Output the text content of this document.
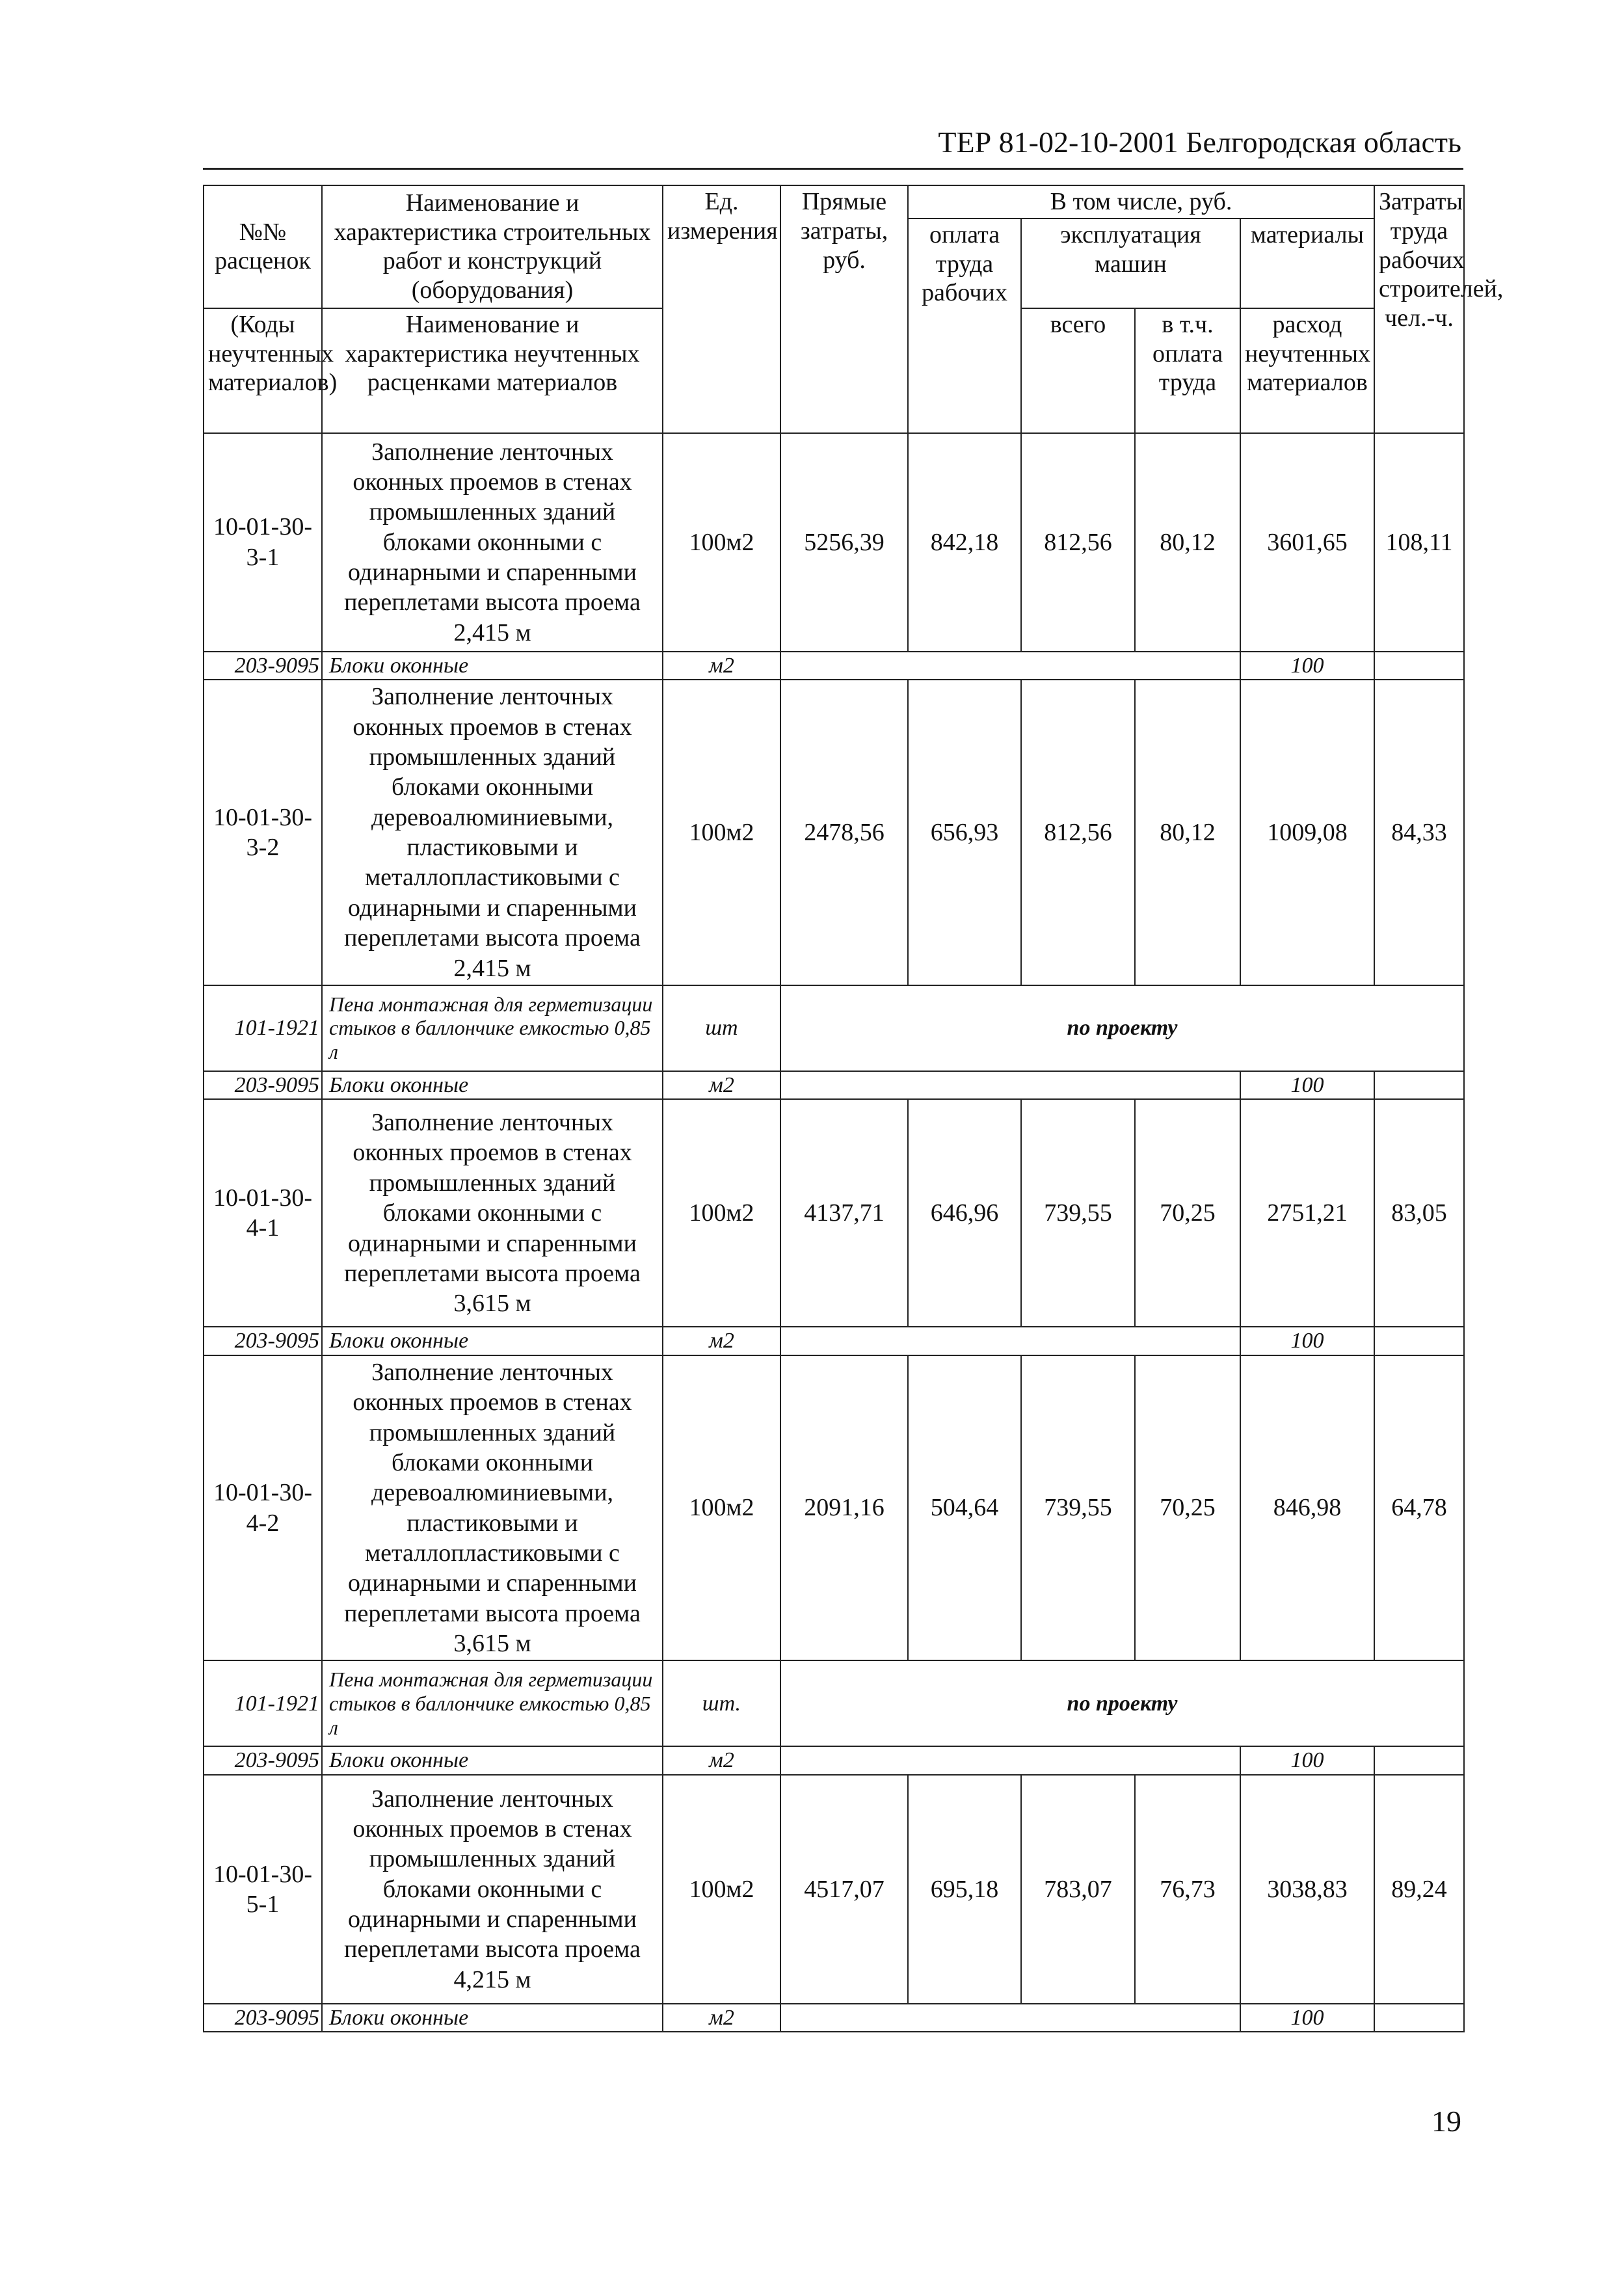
ТЕР 81-02-10-2001 Белгородская область
№№ расценок	Наименование и характеристика строительных работ и конструкций (оборудования)	Ед. измерения	Прямые затраты, руб.	В том числе, руб.				Затраты труда рабочих строителей, чел.-ч.
				оплата труда рабочих	эксплуатация машин		материалы	

(Коды неучтенных материалов)	Наименование и характеристика неучтенных расценками материалов				всего	в т.ч. оплата труда	расход неучтенных материалов	

10-01-30-3-1	Заполнение ленточных оконных проемов в стенах промышленных зданий блоками оконными с одинарными и спаренными переплетами высота проема 2,415 м	100м2	5256,39	842,18	812,56	80,12	3601,65	108,11
203-9095	Блоки оконные	м2					100	
10-01-30-3-2	Заполнение ленточных оконных проемов в стенах промышленных зданий блоками оконными деревоалюминиевыми, пластиковыми и металлопластиковыми с одинарными и спаренными переплетами высота проема 2,415 м	100м2	2478,56	656,93	812,56	80,12	1009,08	84,33
101-1921	Пена монтажная для герметизации стыков в баллончике емкостью 0,85 л	шт	по проекту					
203-9095	Блоки оконные	м2					100	
10-01-30-4-1	Заполнение ленточных оконных проемов в стенах промышленных зданий блоками оконными с одинарными и спаренными переплетами высота проема 3,615 м	100м2	4137,71	646,96	739,55	70,25	2751,21	83,05
203-9095	Блоки оконные	м2					100	
10-01-30-4-2	Заполнение ленточных оконных проемов в стенах промышленных зданий блоками оконными деревоалюминиевыми, пластиковыми и металлопластиковыми с одинарными и спаренными переплетами высота проема 3,615 м	100м2	2091,16	504,64	739,55	70,25	846,98	64,78
101-1921	Пена монтажная для герметизации стыков в баллончике емкостью 0,85 л	шт.	по проекту					
203-9095	Блоки оконные	м2					100	
10-01-30-5-1	Заполнение ленточных оконных проемов в стенах промышленных зданий блоками оконными с одинарными и спаренными переплетами высота проема 4,215 м	100м2	4517,07	695,18	783,07	76,73	3038,83	89,24
203-9095	Блоки оконные	м2					100	
19
